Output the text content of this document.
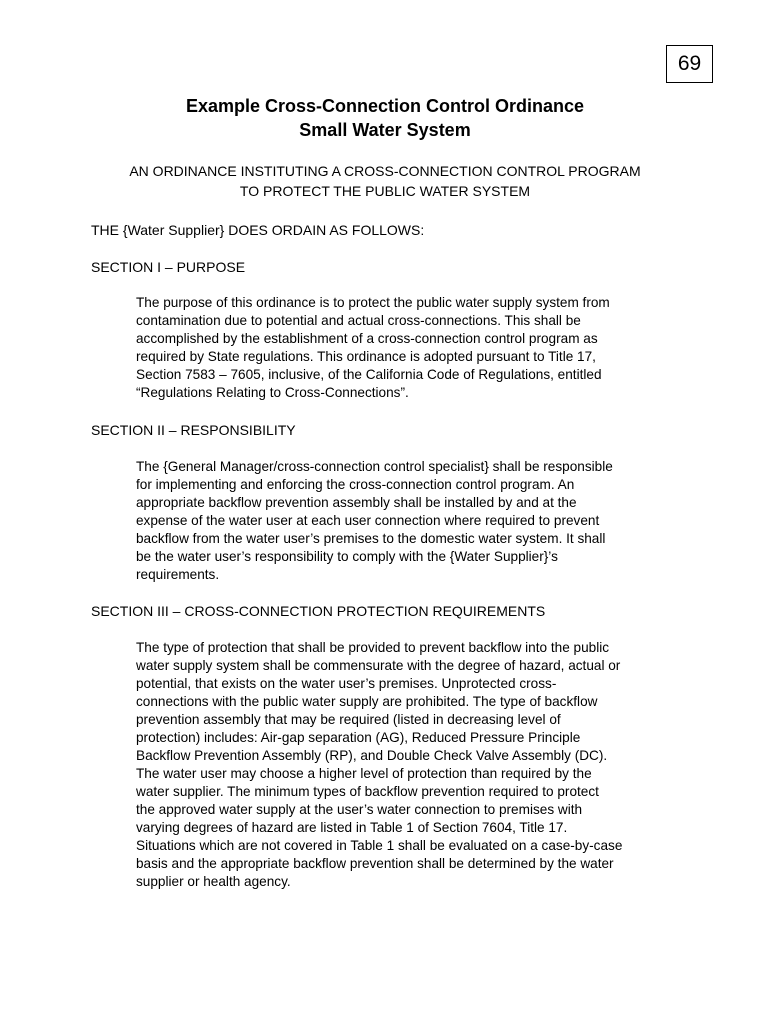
69
Example Cross-Connection Control Ordinance
Small Water System
AN ORDINANCE INSTITUTING A CROSS-CONNECTION CONTROL PROGRAM
TO PROTECT THE PUBLIC WATER SYSTEM
THE {Water Supplier} DOES ORDAIN AS FOLLOWS:
SECTION I – PURPOSE
The purpose of this ordinance is to protect the public water supply system from
contamination due to potential and actual cross-connections. This shall be
accomplished by the establishment of a cross-connection control program as
required by State regulations. This ordinance is adopted pursuant to Title 17,
Section 7583 – 7605, inclusive, of the California Code of Regulations, entitled
“Regulations Relating to Cross-Connections”.
SECTION II – RESPONSIBILITY
The {General Manager/cross-connection control specialist} shall be responsible
for implementing and enforcing the cross-connection control program. An
appropriate backflow prevention assembly shall be installed by and at the
expense of the water user at each user connection where required to prevent
backflow from the water user’s premises to the domestic water system. It shall
be the water user’s responsibility to comply with the {Water Supplier}’s
requirements.
SECTION III – CROSS-CONNECTION PROTECTION REQUIREMENTS
The type of protection that shall be provided to prevent backflow into the public
water supply system shall be commensurate with the degree of hazard, actual or
potential, that exists on the water user’s premises. Unprotected cross-
connections with the public water supply are prohibited. The type of backflow
prevention assembly that may be required (listed in decreasing level of
protection) includes: Air-gap separation (AG), Reduced Pressure Principle
Backflow Prevention Assembly (RP), and Double Check Valve Assembly (DC).
The water user may choose a higher level of protection than required by the
water supplier. The minimum types of backflow prevention required to protect
the approved water supply at the user’s water connection to premises with
varying degrees of hazard are listed in Table 1 of Section 7604, Title 17.
Situations which are not covered in Table 1 shall be evaluated on a case-by-case
basis and the appropriate backflow prevention shall be determined by the water
supplier or health agency.
